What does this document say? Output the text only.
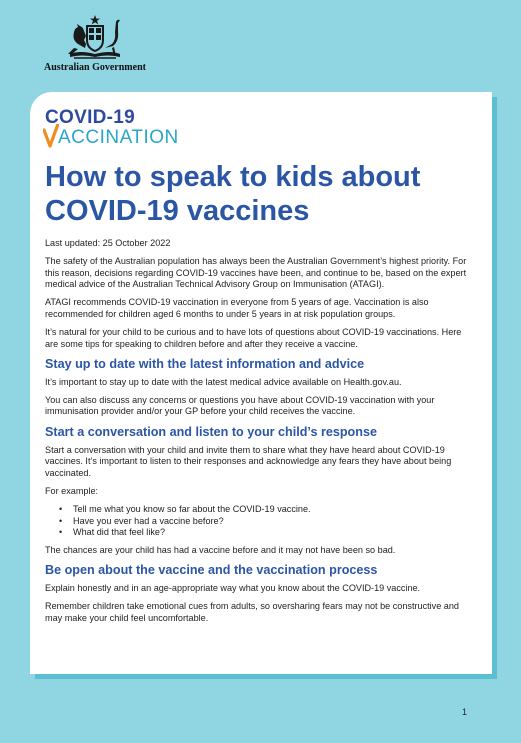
Australian Government
COVID-19
ACCINATION
How to speak to kids about COVID-19 vaccines

Last updated: 25 October 2022

The safety of the Australian population has always been the Australian Government’s highest priority. For this reason, decisions regarding COVID-19 vaccines have been, and continue to be, based on the expert medical advice of the Australian Technical Advisory Group on Immunisation (ATAGI).

ATAGI recommends COVID-19 vaccination in everyone from 5 years of age. Vaccination is also recommended for children aged 6 months to under 5 years in at risk population groups.

It’s natural for your child to be curious and to have lots of questions about COVID-19 vaccinations. Here are some tips for speaking to children before and after they receive a vaccine.

Stay up to date with the latest information and advice

It’s important to stay up to date with the latest medical advice available on Health.gov.au.

You can also discuss any concerns or questions you have about COVID-19 vaccination with your immunisation provider and/or your GP before your child receives the vaccine.

Start a conversation and listen to your child’s response

Start a conversation with your child and invite them to share what they have heard about COVID-19 vaccines. It’s important to listen to their responses and acknowledge any fears they have about being vaccinated.

For example:

• Tell me what you know so far about the COVID-19 vaccine.
• Have you ever had a vaccine before?
• What did that feel like?

The chances are your child has had a vaccine before and it may not have been so bad.

Be open about the vaccine and the vaccination process

Explain honestly and in an age-appropriate way what you know about the COVID-19 vaccine.

Remember children take emotional cues from adults, so oversharing fears may not be constructive and may make your child feel uncomfortable.

1
